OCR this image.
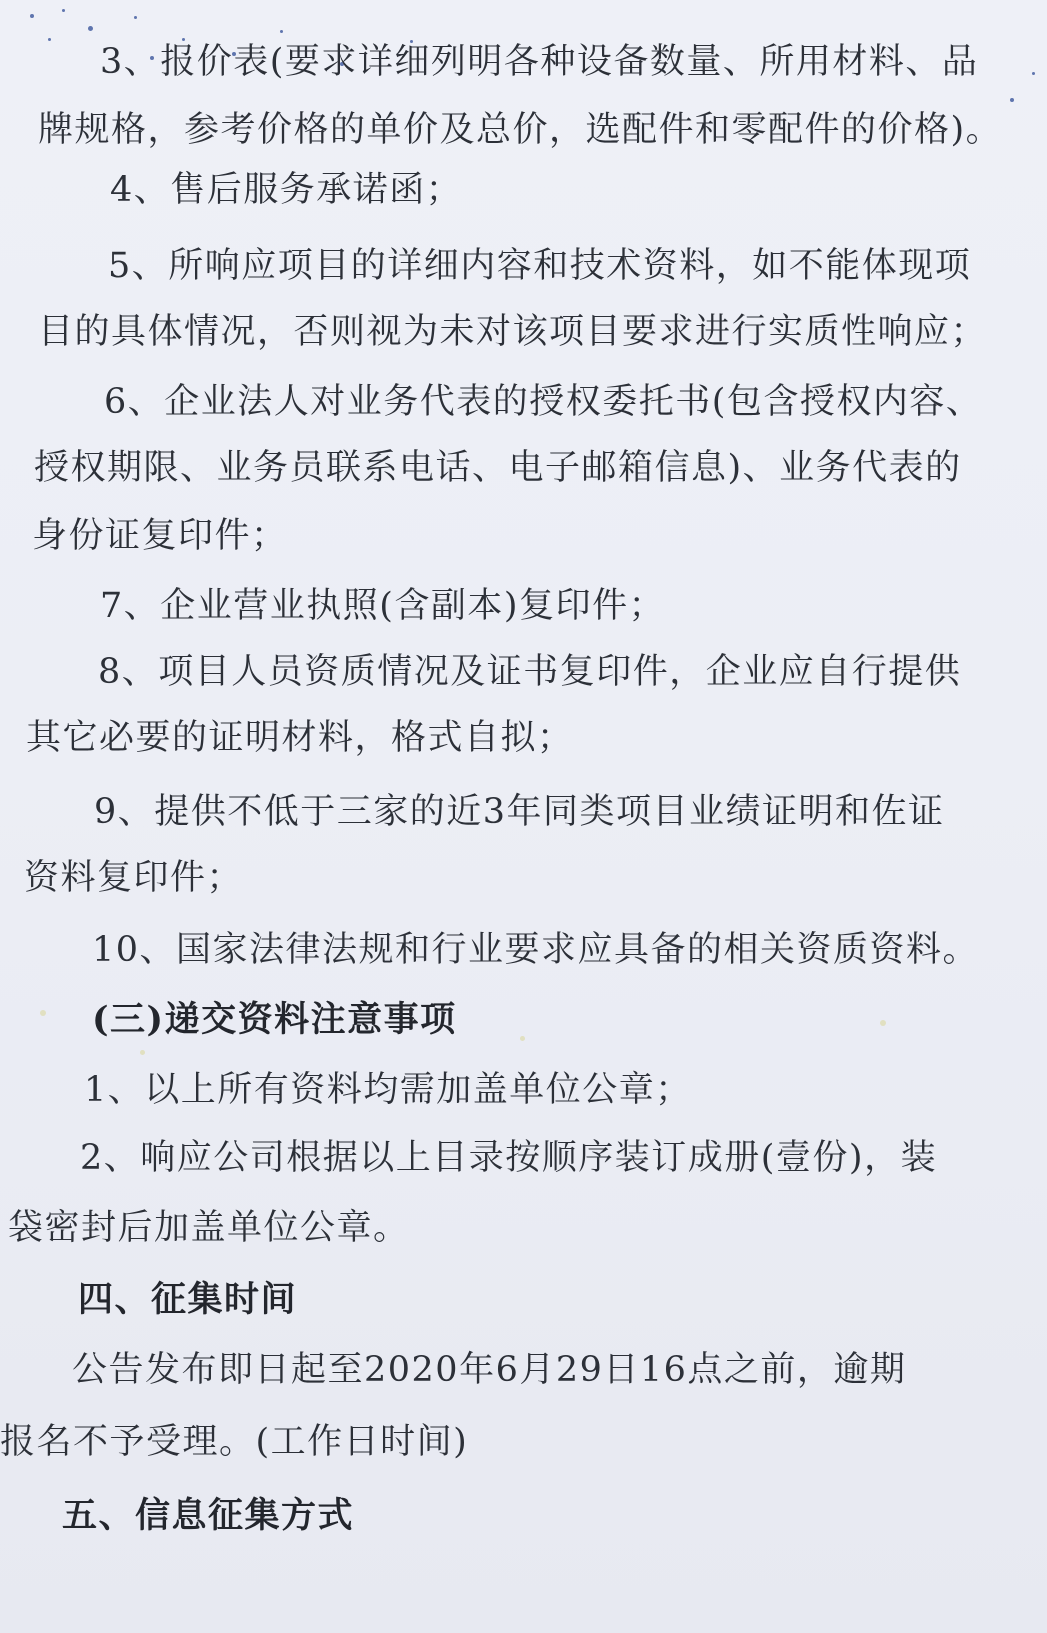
3、报价表(要求详细列明各种设备数量、所用材料、品
牌规格，参考价格的单价及总价，选配件和零配件的价格)。
4、售后服务承诺函；
5、所响应项目的详细内容和技术资料，如不能体现项
目的具体情况，否则视为未对该项目要求进行实质性响应；
6、企业法人对业务代表的授权委托书(包含授权内容、
授权期限、业务员联系电话、电子邮箱信息)、业务代表的
身份证复印件；
7、企业营业执照(含副本)复印件；
8、项目人员资质情况及证书复印件，企业应自行提供
其它必要的证明材料，格式自拟；
9、提供不低于三家的近3年同类项目业绩证明和佐证
资料复印件；
10、国家法律法规和行业要求应具备的相关资质资料。
(三)递交资料注意事项
1、以上所有资料均需加盖单位公章；
2、响应公司根据以上目录按顺序装订成册(壹份)，装
袋密封后加盖单位公章。
四、征集时间
公告发布即日起至2020年6月29日16点之前，逾期
报名不予受理。(工作日时间)
五、信息征集方式
